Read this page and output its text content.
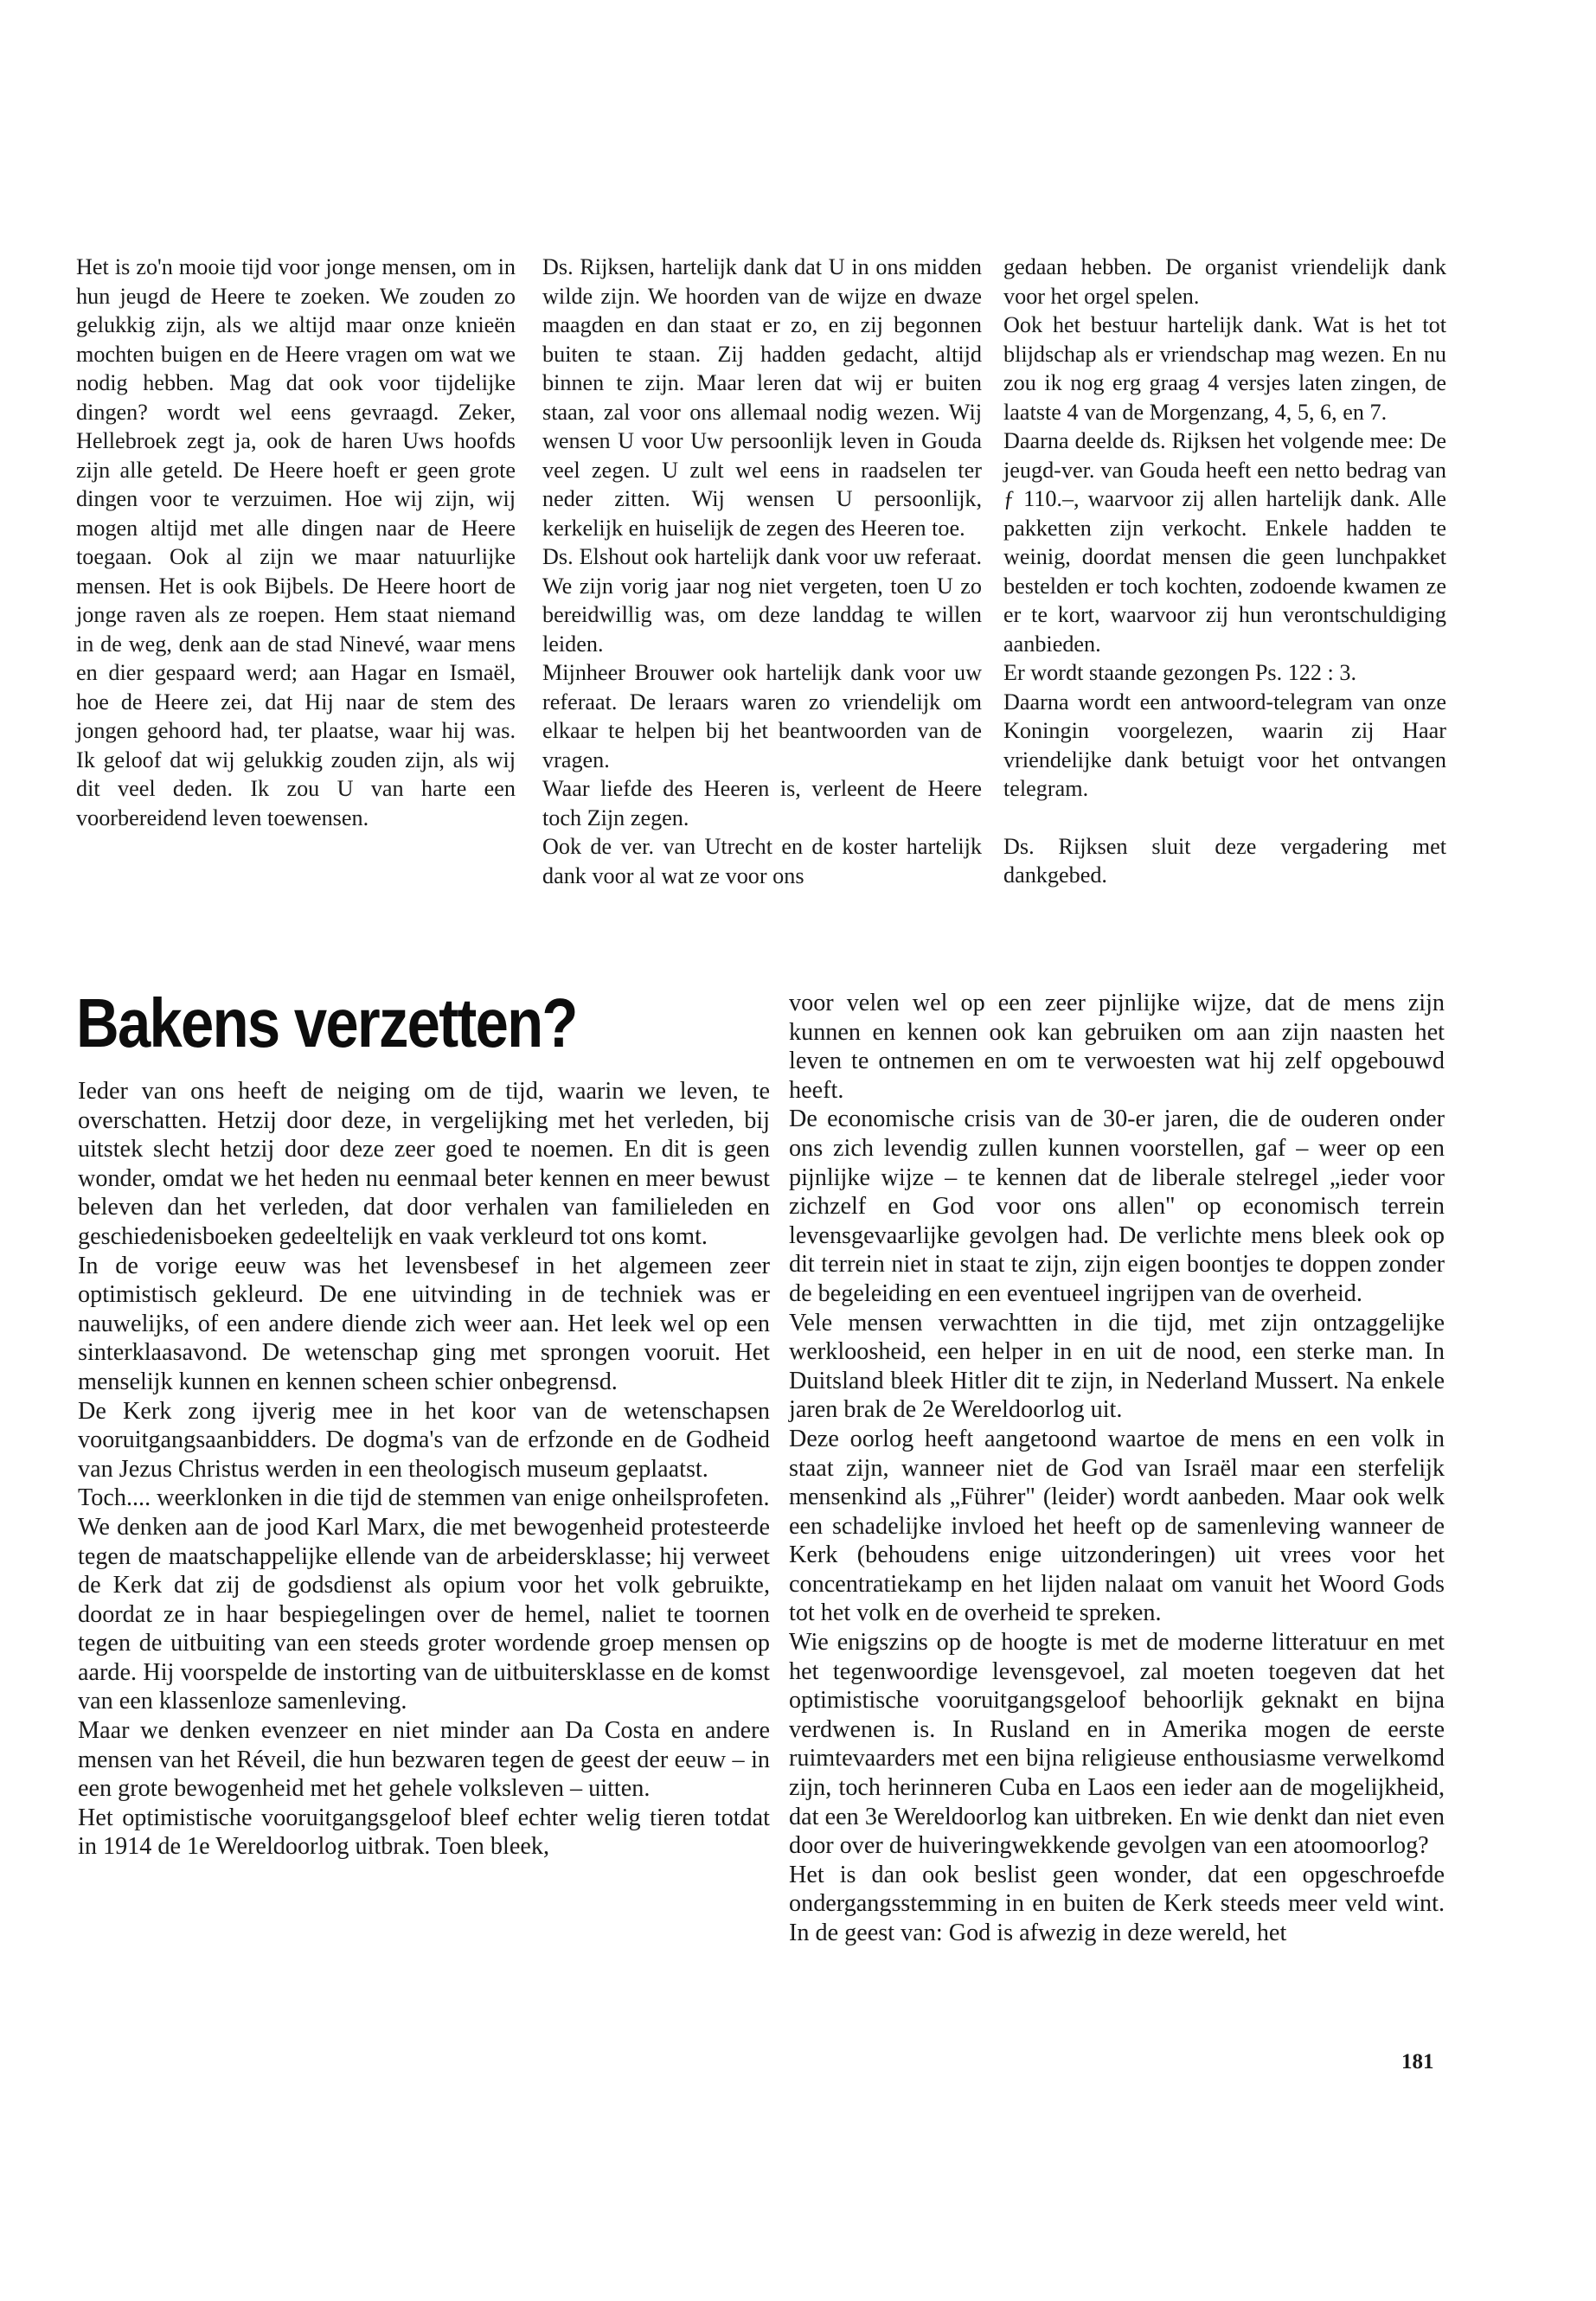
Het is zo'n mooie tijd voor jonge mensen, om in hun jeugd de Heere te zoeken. We zouden zo gelukkig zijn, als we altijd maar onze knieën mochten buigen en de Heere vragen om wat we nodig hebben. Mag dat ook voor tijdelijke dingen? wordt wel eens gevraagd. Zeker, Hellebroek zegt ja, ook de haren Uws hoofds zijn alle geteld. De Heere hoeft er geen grote dingen voor te verzuimen. Hoe wij zijn, wij mogen altijd met alle dingen naar de Heere toegaan. Ook al zijn we maar natuurlijke mensen. Het is ook Bijbels. De Heere hoort de jonge raven als ze roepen. Hem staat niemand in de weg, denk aan de stad Ninevé, waar mens en dier gespaard werd; aan Hagar en Ismaël, hoe de Heere zei, dat Hij naar de stem des jongen gehoord had, ter plaatse, waar hij was. Ik geloof dat wij gelukkig zouden zijn, als wij dit veel deden. Ik zou U van harte een voorbereidend leven toewensen.

Ds. Rijksen, hartelijk dank dat U in ons midden wilde zijn. We hoorden van de wijze en dwaze maagden en dan staat er zo, en zij begonnen buiten te staan. Zij hadden gedacht, altijd binnen te zijn. Maar leren dat wij er buiten staan, zal voor ons allemaal nodig wezen. Wij wensen U voor Uw persoonlijk leven in Gouda veel zegen. U zult wel eens in raadselen ter neder zitten. Wij wensen U persoonlijk, kerkelijk en huiselijk de zegen des Heeren toe.

Ds. Elshout ook hartelijk dank voor uw referaat. We zijn vorig jaar nog niet vergeten, toen U zo bereidwillig was, om deze landdag te willen leiden.

Mijnheer Brouwer ook hartelijk dank voor uw referaat. De leraars waren zo vriendelijk om elkaar te helpen bij het beantwoorden van de vragen.

Waar liefde des Heeren is, verleent de Heere toch Zijn zegen.

Ook de ver. van Utrecht en de koster hartelijk dank voor al wat ze voor ons

gedaan hebben. De organist vriendelijk dank voor het orgel spelen.

Ook het bestuur hartelijk dank. Wat is het tot blijdschap als er vriendschap mag wezen. En nu zou ik nog erg graag 4 versjes laten zingen, de laatste 4 van de Morgenzang, 4, 5, 6, en 7.

Daarna deelde ds. Rijksen het volgende mee: De jeugd-ver. van Gouda heeft een netto bedrag van ƒ 110.–, waarvoor zij allen hartelijk dank. Alle pakketten zijn verkocht. Enkele hadden te weinig, doordat mensen die geen lunchpakket bestelden er toch kochten, zodoende kwamen ze er te kort, waarvoor zij hun verontschuldiging aanbieden.

Er wordt staande gezongen Ps. 122 : 3.

Daarna wordt een antwoord-telegram van onze Koningin voorgelezen, waarin zij Haar vriendelijke dank betuigt voor het ontvangen telegram.

Ds. Rijksen sluit deze vergadering met dankgebed.

Bakens verzetten?

Ieder van ons heeft de neiging om de tijd, waarin we leven, te overschatten. Hetzij door deze, in vergelijking met het verleden, bij uitstek slecht hetzij door deze zeer goed te noemen. En dit is geen wonder, omdat we het heden nu eenmaal beter kennen en meer bewust beleven dan het verleden, dat door verhalen van familieleden en geschiedenisboeken gedeeltelijk en vaak verkleurd tot ons komt.

In de vorige eeuw was het levensbesef in het algemeen zeer optimistisch gekleurd. De ene uitvinding in de techniek was er nauwelijks, of een andere diende zich weer aan. Het leek wel op een sinterklaasavond. De wetenschap ging met sprongen vooruit. Het menselijk kunnen en kennen scheen schier onbegrensd.

De Kerk zong ijverig mee in het koor van de wetenschapsen vooruitgangsaanbidders. De dogma's van de erfzonde en de Godheid van Jezus Christus werden in een theologisch museum geplaatst.

Toch.... weerklonken in die tijd de stemmen van enige onheilsprofeten.

We denken aan de jood Karl Marx, die met bewogenheid protesteerde tegen de maatschappelijke ellende van de arbeidersklasse; hij verweet de Kerk dat zij de godsdienst als opium voor het volk gebruikte, doordat ze in haar bespiegelingen over de hemel, naliet te toornen tegen de uitbuiting van een steeds groter wordende groep mensen op aarde. Hij voorspelde de instorting van de uitbuitersklasse en de komst van een klassenloze samenleving.

Maar we denken evenzeer en niet minder aan Da Costa en andere mensen van het Réveil, die hun bezwaren tegen de geest der eeuw – in een grote bewogenheid met het gehele volksleven – uitten.

Het optimistische vooruitgangsgeloof bleef echter welig tieren totdat in 1914 de 1e Wereldoorlog uitbrak. Toen bleek,

voor velen wel op een zeer pijnlijke wijze, dat de mens zijn kunnen en kennen ook kan gebruiken om aan zijn naasten het leven te ontnemen en om te verwoesten wat hij zelf opgebouwd heeft.

De economische crisis van de 30-er jaren, die de ouderen onder ons zich levendig zullen kunnen voorstellen, gaf – weer op een pijnlijke wijze – te kennen dat de liberale stelregel „ieder voor zichzelf en God voor ons allen" op economisch terrein levensgevaarlijke gevolgen had. De verlichte mens bleek ook op dit terrein niet in staat te zijn, zijn eigen boontjes te doppen zonder de begeleiding en een eventueel ingrijpen van de overheid.

Vele mensen verwachtten in die tijd, met zijn ontzaggelijke werkloosheid, een helper in en uit de nood, een sterke man. In Duitsland bleek Hitler dit te zijn, in Nederland Mussert. Na enkele jaren brak de 2e Wereldoorlog uit.

Deze oorlog heeft aangetoond waartoe de mens en een volk in staat zijn, wanneer niet de God van Israël maar een sterfelijk mensenkind als „Führer" (leider) wordt aanbeden. Maar ook welk een schadelijke invloed het heeft op de samenleving wanneer de Kerk (behoudens enige uitzonderingen) uit vrees voor het concentratiekamp en het lijden nalaat om vanuit het Woord Gods tot het volk en de overheid te spreken.

Wie enigszins op de hoogte is met de moderne litteratuur en met het tegenwoordige levensgevoel, zal moeten toegeven dat het optimistische vooruitgangsgeloof behoorlijk geknakt en bijna verdwenen is. In Rusland en in Amerika mogen de eerste ruimtevaarders met een bijna religieuse enthousiasme verwelkomd zijn, toch herinneren Cuba en Laos een ieder aan de mogelijkheid, dat een 3e Wereldoorlog kan uitbreken. En wie denkt dan niet even door over de huiveringwekkende gevolgen van een atoomoorlog?

Het is dan ook beslist geen wonder, dat een opgeschroefde ondergangsstemming in en buiten de Kerk steeds meer veld wint. In de geest van: God is afwezig in deze wereld, het

181
